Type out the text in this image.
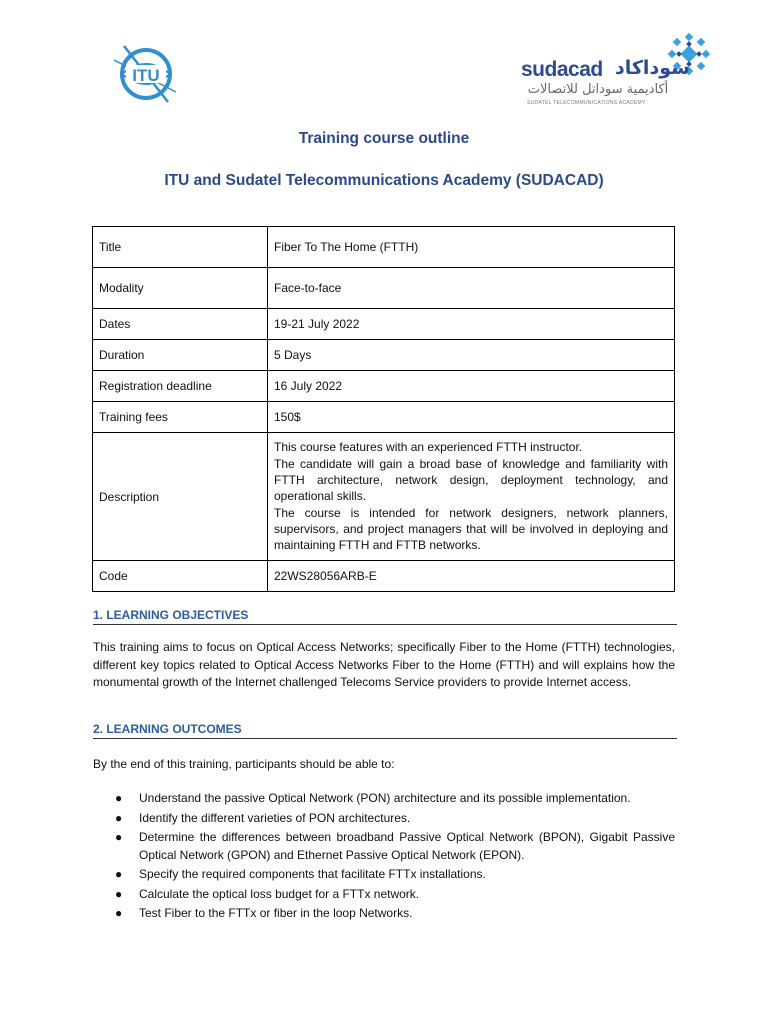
ITU	sudacad سوداكاد
أكاديمية سوداتل للاتصالات
SUDATEL TELECOMMUNICATIONS ACADEMY
Training course outline
ITU and Sudatel Telecommunications Academy (SUDACAD)
Title	Fiber To The Home (FTTH)
Modality	Face-to-face
Dates	19-21 July 2022
Duration	5 Days
Registration deadline	16 July 2022
Training fees	150$
Description	This course features with an experienced FTTH instructor.
The candidate will gain a broad base of knowledge and familiarity with FTTH architecture, network design, deployment technology, and operational skills.
The course is intended for network designers, network planners, supervisors, and project managers that will be involved in deploying and maintaining FTTH and FTTB networks.

Code	22WS28056ARB-E
1. LEARNING OBJECTIVES
This training aims to focus on Optical Access Networks; specifically Fiber to the Home (FTTH) technologies, different key topics related to Optical Access Networks Fiber to the Home (FTTH) and will explains how the monumental growth of the Internet challenged Telecoms Service providers to provide Internet access.
2. LEARNING OUTCOMES
By the end of this training, participants should be able to:
● Understand the passive Optical Network (PON) architecture and its possible implementation.
● Identify the different varieties of PON architectures.
● Determine the differences between broadband Passive Optical Network (BPON), Gigabit Passive Optical Network (GPON) and Ethernet Passive Optical Network (EPON).
● Specify the required components that facilitate FTTx installations.
● Calculate the optical loss budget for a FTTx network.
● Test Fiber to the FTTx or fiber in the loop Networks.
